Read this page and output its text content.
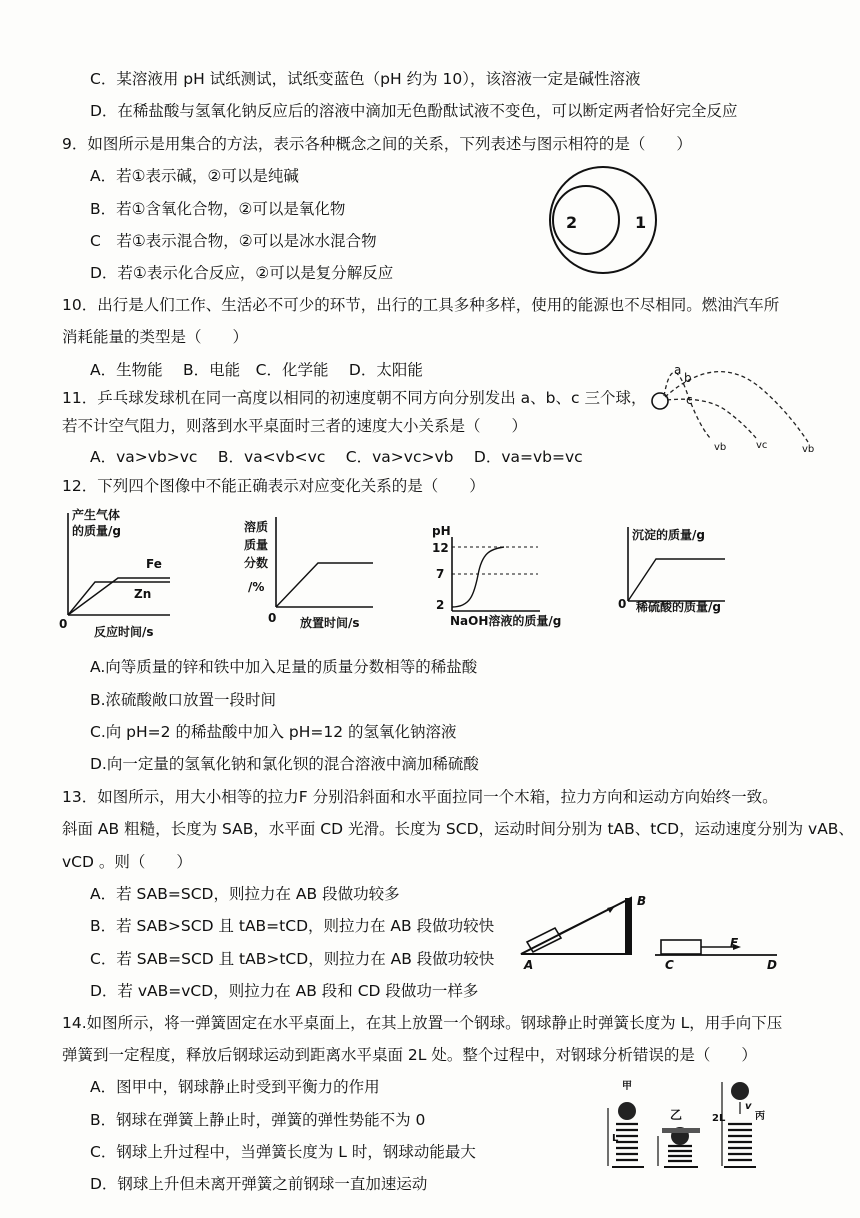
C．某溶液用 pH 试纸测试，试纸变蓝色（pH 约为 10），该溶液一定是碱性溶液
D．在稀盐酸与氢氧化钠反应后的溶液中滴加无色酚酞试液不变色，可以断定两者恰好完全反应
9．如图所示是用集合的方法，表示各种概念之间的关系，下列表述与图示相符的是（　　）
A．若①表示碱，②可以是纯碱
B．若①含氧化合物，②可以是氧化物
C　若①表示混合物，②可以是冰水混合物
D．若①表示化合反应，②可以是复分解反应
10．出行是人们工作、生活必不可少的环节，出行的工具多种多样，使用的能源也不尽相同。燃油汽车所
消耗能量的类型是（　　）
A．生物能　 B．电能　C．化学能　 D．太阳能
11．乒乓球发球机在同一高度以相同的初速度朝不同方向分别发出 a、b、c 三个球，
若不计空气阻力，则落到水平桌面时三者的速度大小关系是（　　）
A．va>vb>vc　 B．va<vb<vc　 C．va>vc>vb　 D．va=vb=vc
12．下列四个图像中不能正确表示对应变化关系的是（　　）
A.向等质量的锌和铁中加入足量的质量分数相等的稀盐酸
B.浓硫酸敞口放置一段时间
C.向 pH=2 的稀盐酸中加入 pH=12 的氢氧化钠溶液
D.向一定量的氢氧化钠和氯化钡的混合溶液中滴加稀硫酸
13．如图所示，用大小相等的拉力F 分别沿斜面和水平面拉同一个木箱，拉力方向和运动方向始终一致。
斜面 AB 粗糙，长度为 SAB，水平面 CD 光滑。长度为 SCD，运动时间分别为 tAB、tCD，运动速度分别为 vAB、
vCD 。则（　　）
A．若 SAB=SCD，则拉力在 AB 段做功较多
B．若 SAB>SCD 且 tAB=tCD，则拉力在 AB 段做功较快
C．若 SAB=SCD 且 tAB>tCD，则拉力在 AB 段做功较快
D．若 vAB=vCD，则拉力在 AB 段和 CD 段做功一样多
14.如图所示，将一弹簧固定在水平桌面上，在其上放置一个钢球。钢球静止时弹簧长度为 L，用手向下压
弹簧到一定程度，释放后钢球运动到距离水平桌面 2L 处。整个过程中，对钢球分析错误的是（　　）
A．图甲中，钢球静止时受到平衡力的作用
B．钢球在弹簧上静止时，弹簧的弹性势能不为 0
C．钢球上升过程中，当弹簧长度为 L 时，钢球动能最大
D．钢球上升但未离开弹簧之前钢球一直加速运动
2	1
a
b
c
vb	vc	vb
产生气体
的质量/g
Fe
Zn
0
反应时间/s
溶质
质量
分数
/%
0 放置时间/s
pH
12
7
2
NaOH溶液的质量/g
沉淀的质量/g
0 稀硫酸的质量/g
A
B
C	D
F
甲
乙	丙
L
2L
v
